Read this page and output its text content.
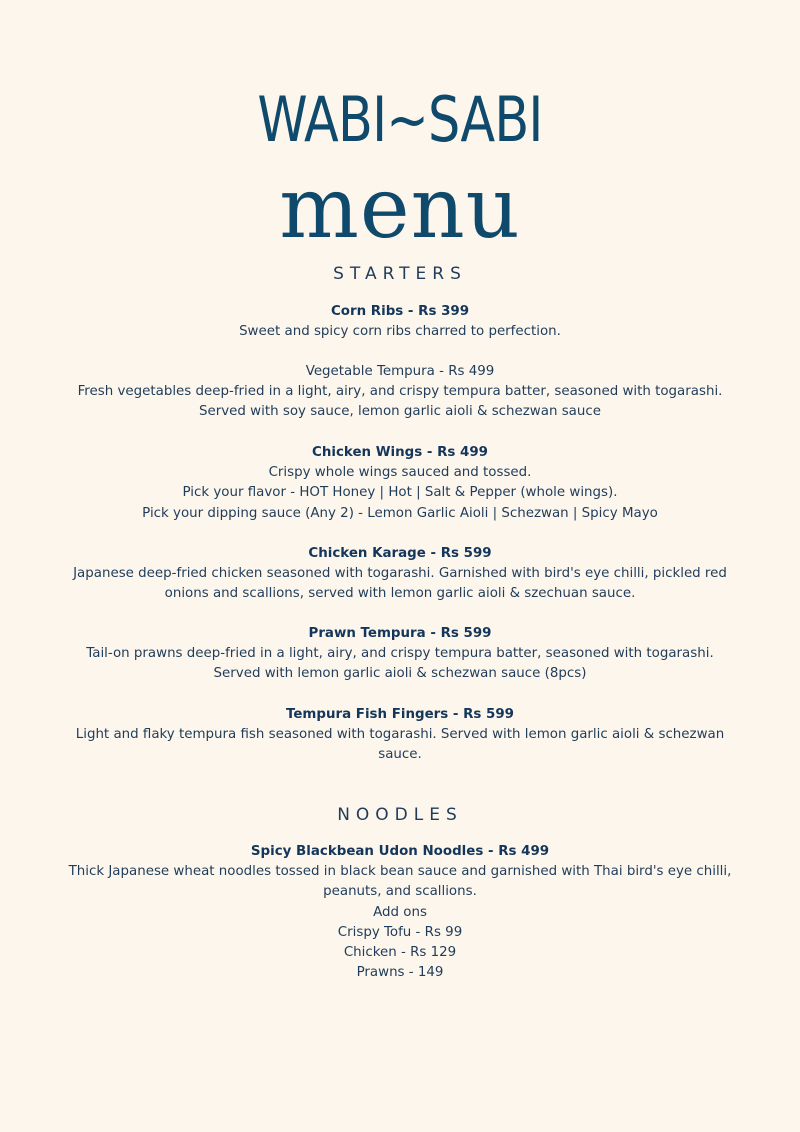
WABI~SABI
menu
STARTERS
Corn Ribs - Rs 399
Sweet and spicy corn ribs charred to perfection.
Vegetable Tempura - Rs 499
Fresh vegetables deep-fried in a light, airy, and crispy tempura batter, seasoned with togarashi.
Served with soy sauce, lemon garlic aioli & schezwan sauce
Chicken Wings - Rs 499
Crispy whole wings sauced and tossed.
Pick your flavor - HOT Honey | Hot | Salt & Pepper (whole wings).
Pick your dipping sauce (Any 2) - Lemon Garlic Aioli | Schezwan | Spicy Mayo
Chicken Karage - Rs 599
Japanese deep-fried chicken seasoned with togarashi. Garnished with bird's eye chilli, pickled red
onions and scallions, served with lemon garlic aioli & szechuan sauce.
Prawn Tempura - Rs 599
Tail-on prawns deep-fried in a light, airy, and crispy tempura batter, seasoned with togarashi.
Served with lemon garlic aioli & schezwan sauce (8pcs)
Tempura Fish Fingers - Rs 599
Light and flaky tempura fish seasoned with togarashi. Served with lemon garlic aioli & schezwan
sauce.
NOODLES
Spicy Blackbean Udon Noodles - Rs 499
Thick Japanese wheat noodles tossed in black bean sauce and garnished with Thai bird's eye chilli,
peanuts, and scallions.
Add ons
Crispy Tofu - Rs 99
Chicken - Rs 129
Prawns - 149
